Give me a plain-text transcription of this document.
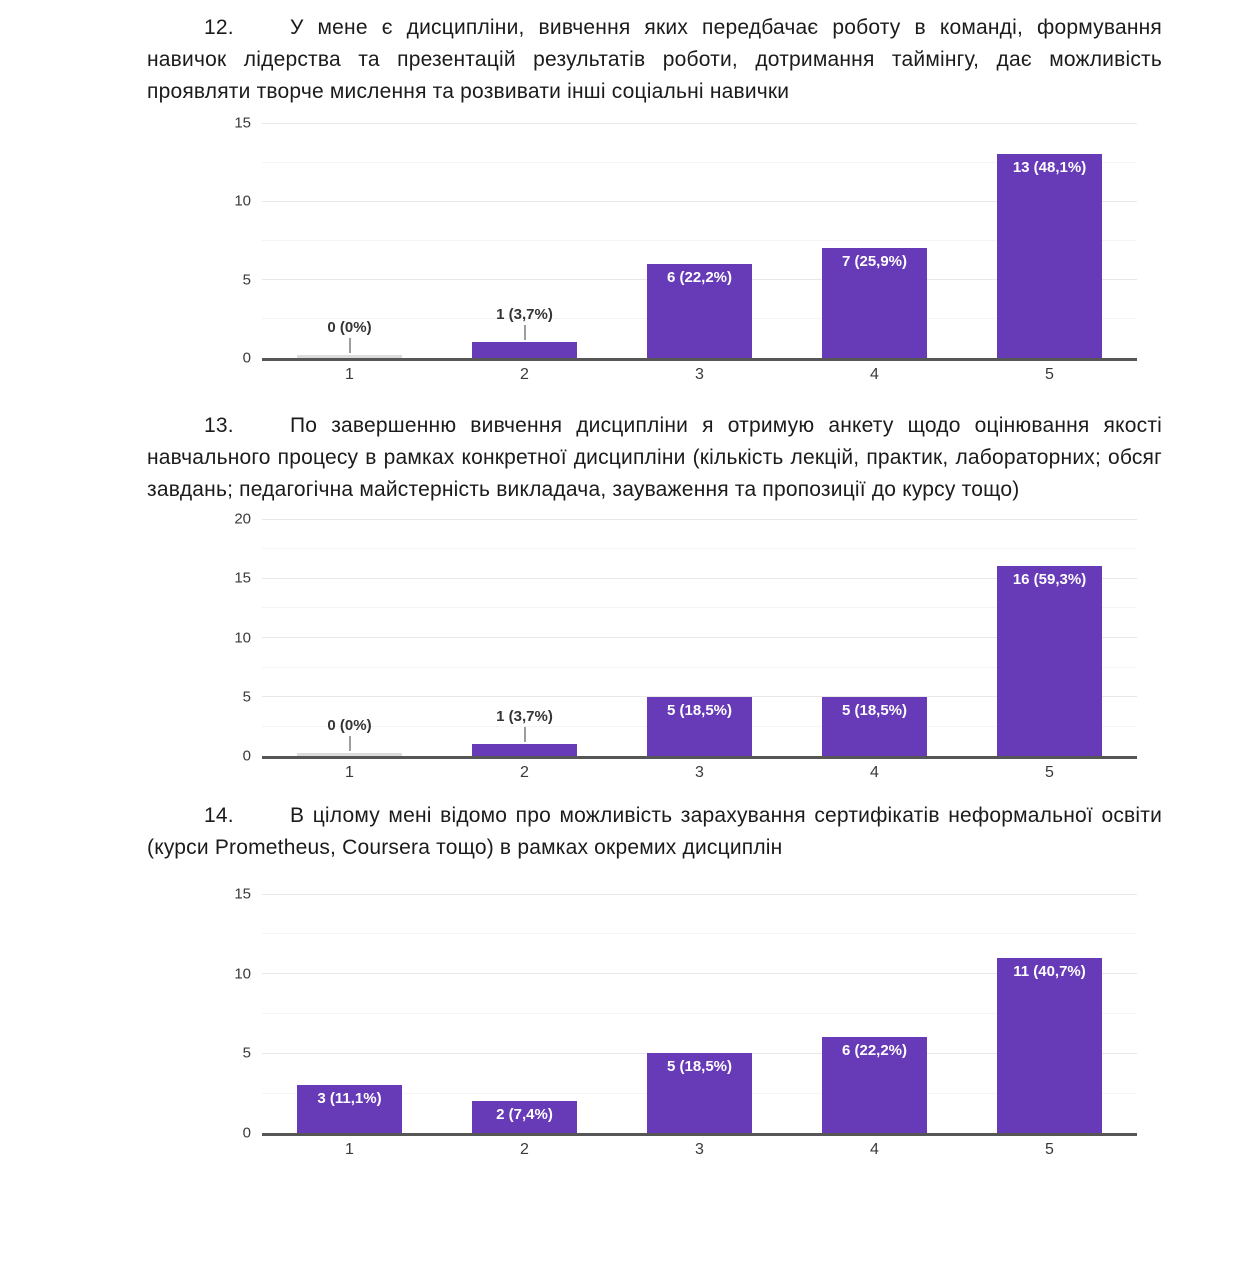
12.	У мене є дисципліни, вивчення яких передбачає роботу в команді, формування навичок лідерства та презентацій результатів роботи, дотримання таймінгу, дає можливість проявляти творче мислення та розвивати інші соціальні навички

0
5
10
15
0 (0%)
1 (3,7%)
6 (22,2%)
7 (25,9%)
13 (48,1%)
1	2	3	4	5

13.	По завершенню вивчення дисципліни я отримую анкету щодо оцінювання якості навчального процесу в рамках конкретної дисципліни (кількість лекцій, практик, лабораторних; обсяг завдань; педагогічна майстерність викладача, зауваження та пропозиції до курсу тощо)

0
5
10
15
20
0 (0%)
1 (3,7%)	5 (18,5%)	5 (18,5%)
16 (59,3%)
1	2	3	4	5

14.	В цілому мені відомо про можливість зарахування сертифікатів неформальної освіти (курси Prometheus, Coursera тощо) в рамках окремих дисциплін

0
5
10
15
3 (11,1%)
2 (7,4%)
5 (18,5%)
6 (22,2%)
11 (40,7%)
1	2	3	4	5
